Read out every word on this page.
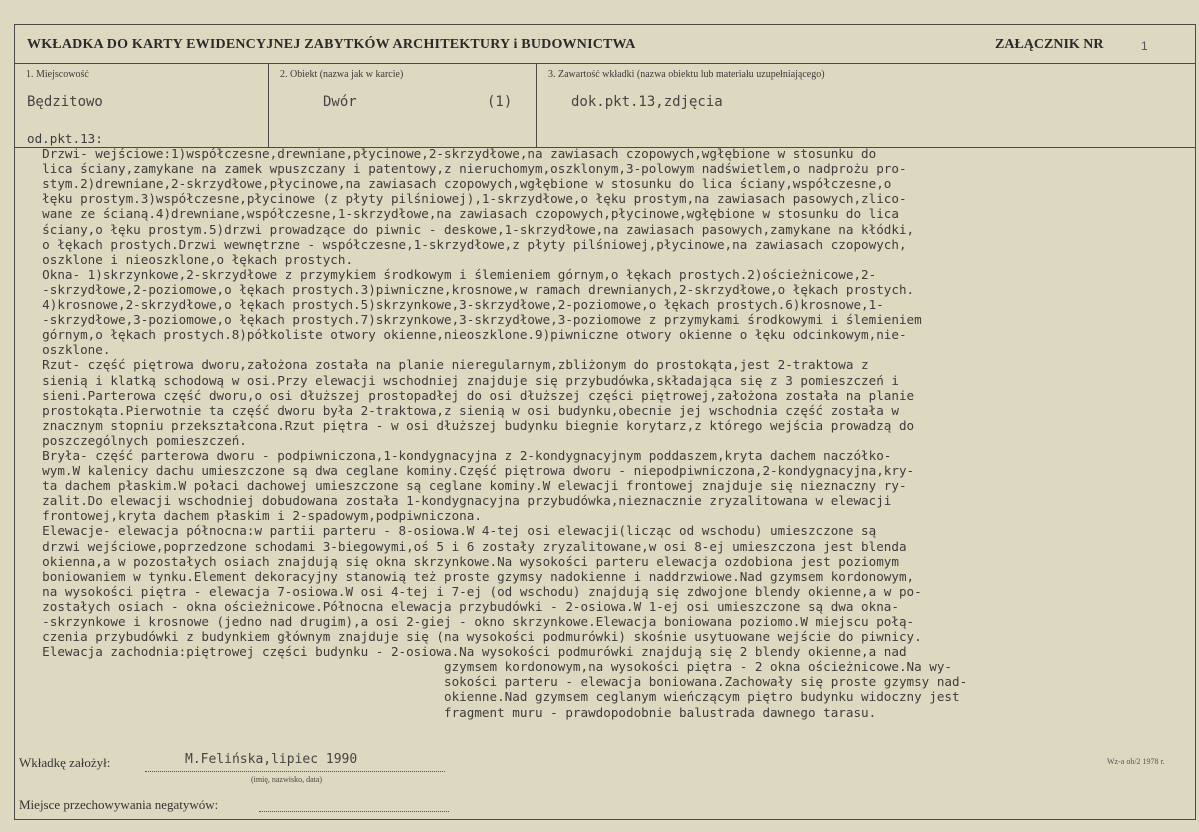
WKŁADKA DO KARTY EWIDENCYJNEJ ZABYTKÓW ARCHITEKTURY i BUDOWNICTWA	ZAŁĄCZNIK NR	1
1. Miejscowość
Będzitowo
2. Obiekt (nazwa jak w karcie)
Dwór	(1)
3. Zawartość wkładki (nazwa obiektu lub materiału uzupełniającego)
dok.pkt.13,zdjęcia
od.pkt.13:
Drzwi- wejściowe:1)współczesne,drewniane,płycinowe,2-skrzydłowe,na zawiasach czopowych,wgłębione w stosunku do
lica ściany,zamykane na zamek wpuszczany i patentowy,z nieruchomym,oszklonym,3-polowym nadświetlem,o nadprożu pro-
stym.2)drewniane,2-skrzydłowe,płycinowe,na zawiasach czopowych,wgłębione w stosunku do lica ściany,współczesne,o
łęku prostym.3)współczesne,płycinowe (z płyty pilśniowej),1-skrzydłowe,o łęku prostym,na zawiasach pasowych,zlico-
wane ze ścianą.4)drewniane,współczesne,1-skrzydłowe,na zawiasach czopowych,płycinowe,wgłębione w stosunku do lica
ściany,o łęku prostym.5)drzwi prowadzące do piwnic - deskowe,1-skrzydłowe,na zawiasach pasowych,zamykane na kłódki,
o łękach prostych.Drzwi wewnętrzne - współczesne,1-skrzydłowe,z płyty pilśniowej,płycinowe,na zawiasach czopowych,
oszklone i nieoszklone,o łękach prostych.
Okna- 1)skrzynkowe,2-skrzydłowe z przymykiem środkowym i ślemieniem górnym,o łękach prostych.2)ościeżnicowe,2-
-skrzydłowe,2-poziomowe,o łękach prostych.3)piwniczne,krosnowe,w ramach drewnianych,2-skrzydłowe,o łękach prostych.
4)krosnowe,2-skrzydłowe,o łękach prostych.5)skrzynkowe,3-skrzydłowe,2-poziomowe,o łękach prostych.6)krosnowe,1-
-skrzydłowe,3-poziomowe,o łękach prostych.7)skrzynkowe,3-skrzydłowe,3-poziomowe z przymykami środkowymi i ślemieniem
górnym,o łękach prostych.8)półkoliste otwory okienne,nieoszklone.9)piwniczne otwory okienne o łęku odcinkowym,nie-
oszklone.
Rzut- część piętrowa dworu,założona została na planie nieregularnym,zbliżonym do prostokąta,jest 2-traktowa z
sienią i klatką schodową w osi.Przy elewacji wschodniej znajduje się przybudówka,składająca się z 3 pomieszczeń i
sieni.Parterowa część dworu,o osi dłuższej prostopadłej do osi dłuższej części piętrowej,założona została na planie
prostokąta.Pierwotnie ta część dworu była 2-traktowa,z sienią w osi budynku,obecnie jej wschodnia część została w
znacznym stopniu przekształcona.Rzut piętra - w osi dłuższej budynku biegnie korytarz,z którego wejścia prowadzą do
poszczególnych pomieszczeń.
Bryła- część parterowa dworu - podpiwniczona,1-kondygnacyjna z 2-kondygnacyjnym poddaszem,kryta dachem naczółko-
wym.W kalenicy dachu umieszczone są dwa ceglane kominy.Część piętrowa dworu - niepodpiwniczona,2-kondygnacyjna,kry-
ta dachem płaskim.W połaci dachowej umieszczone są ceglane kominy.W elewacji frontowej znajduje się nieznaczny ry-
zalit.Do elewacji wschodniej dobudowana została 1-kondygnacyjna przybudówka,nieznacznie zryzalitowana w elewacji
frontowej,kryta dachem płaskim i 2-spadowym,podpiwniczona.
Elewacje- elewacja północna:w partii parteru - 8-osiowa.W 4-tej osi elewacji(licząc od wschodu) umieszczone są
drzwi wejściowe,poprzedzone schodami 3-biegowymi,oś 5 i 6 zostały zryzalitowane,w osi 8-ej umieszczona jest blenda
okienna,a w pozostałych osiach znajdują się okna skrzynkowe.Na wysokości parteru elewacja ozdobiona jest poziomym
boniowaniem w tynku.Element dekoracyjny stanowią też proste gzymsy nadokienne i naddrzwiowe.Nad gzymsem kordonowym,
na wysokości piętra - elewacja 7-osiowa.W osi 4-tej i 7-ej (od wschodu) znajdują się zdwojone blendy okienne,a w po-
zostałych osiach - okna ościeżnicowe.Północna elewacja przybudówki - 2-osiowa.W 1-ej osi umieszczone są dwa okna-
-skrzynkowe i krosnowe (jedno nad drugim),a osi 2-giej - okno skrzynkowe.Elewacja boniowana poziomo.W miejscu połą-
czenia przybudówki z budynkiem głównym znajduje się (na wysokości podmurówki) skośnie usytuowane wejście do piwnicy.
Elewacja zachodnia:piętrowej części budynku - 2-osiowa.Na wysokości podmurówki znajdują się 2 blendy okienne,a nad
gzymsem kordonowym,na wysokości piętra - 2 okna ościeżnicowe.Na wy-
sokości parteru - elewacja boniowana.Zachowały się proste gzymsy nad-
okienne.Nad gzymsem ceglanym wieńczącym piętro budynku widoczny jest
fragment muru - prawdopodobnie balustrada dawnego tarasu.
Wkładkę założył:	M.Felińska,lipiec 1990
(imię, nazwisko, data)
Miejsce przechowywania negatywów:
Wz-a ob/2 1978 r.
